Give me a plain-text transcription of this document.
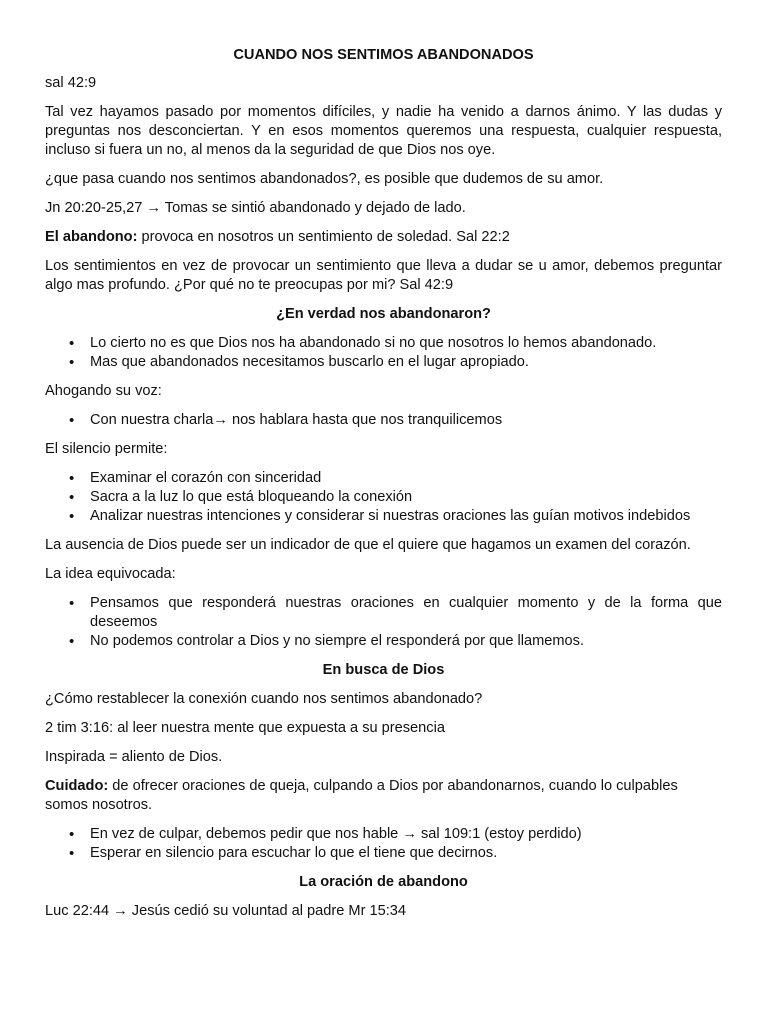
CUANDO NOS SENTIMOS ABANDONADOS

sal 42:9

Tal vez hayamos pasado por momentos difíciles, y nadie ha venido a darnos ánimo. Y las dudas y preguntas nos desconciertan. Y en esos momentos queremos una respuesta, cualquier respuesta, incluso si fuera un no, al menos da la seguridad de que Dios nos oye.

¿que pasa cuando nos sentimos abandonados?, es posible que dudemos de su amor.

Jn 20:20-25,27 → Tomas se sintió abandonado y dejado de lado.

El abandono: provoca en nosotros un sentimiento de soledad. Sal 22:2

Los sentimientos en vez de provocar un sentimiento que lleva a dudar se u amor, debemos preguntar algo mas profundo. ¿Por qué no te preocupas por mi? Sal 42:9

¿En verdad nos abandonaron?
• Lo cierto no es que Dios nos ha abandonado si no que nosotros lo hemos abandonado.
• Mas que abandonados necesitamos buscarlo en el lugar apropiado.

Ahogando su voz:

• Con nuestra charla→ nos hablara hasta que nos tranquilicemos

El silencio permite:

• Examinar el corazón con sinceridad
• Sacra a la luz lo que está bloqueando la conexión
• Analizar nuestras intenciones y considerar si nuestras oraciones las guían motivos indebidos

La ausencia de Dios puede ser un indicador de que el quiere que hagamos un examen del corazón.

La idea equivocada:

• Pensamos que responderá nuestras oraciones en cualquier momento y de la forma que deseemos
• No podemos controlar a Dios y no siempre el responderá por que llamemos.
En busca de Dios

¿Cómo restablecer la conexión cuando nos sentimos abandonado?

2 tim 3:16: al leer nuestra mente que expuesta a su presencia

Inspirada = aliento de Dios.

Cuidado: de ofrecer oraciones de queja, culpando a Dios por abandonarnos, cuando lo culpables somos nosotros.

• En vez de culpar, debemos pedir que nos hable → sal 109:1 (estoy perdido)
• Esperar en silencio para escuchar lo que el tiene que decirnos.
La oración de abandono

Luc 22:44 → Jesús cedió su voluntad al padre Mr 15:34
